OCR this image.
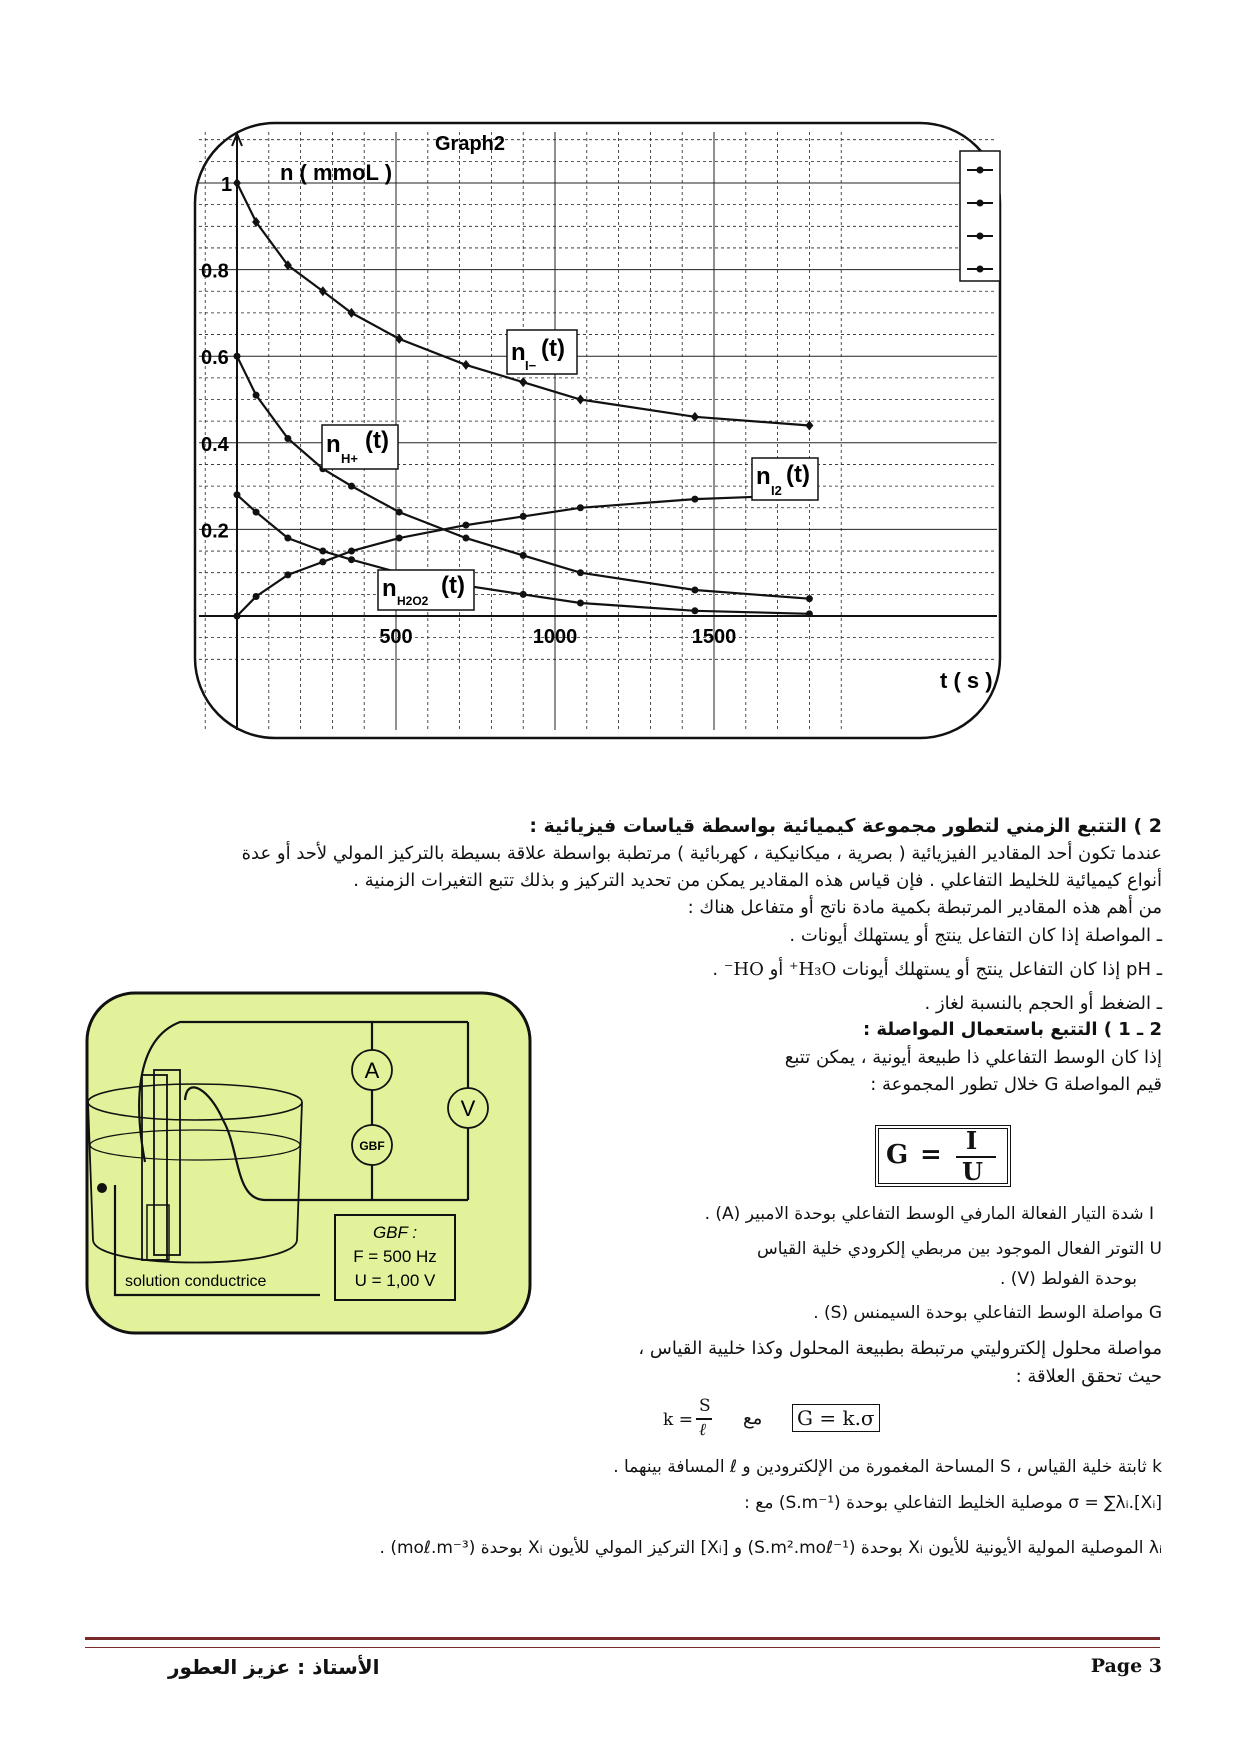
1
0.8
0.6
0.4
0.2
500	1000	1500
Graph2
n ( mmoL )
t ( s )
n I−
(t)
n
H+
(t)
n
I2
(t)
n H2O2
(t)
2 ) التتبع الزمني لتطور مجموعة كيميائية بواسطة قياسات فيزيائية :
عندما تكون أحد المقادير الفيزيائية ( بصرية ، ميكانيكية ، كهربائية ) مرتطبة بواسطة علاقة بسيطة بالتركيز المولي لأحد أو عدة
أنواع كيميائية للخليط التفاعلي . فإن قياس هذه المقادير يمكن من تحديد التركيز و بذلك تتبع التغيرات الزمنية .
من أهم هذه المقادير المرتبطة بكمية مادة ناتج أو متفاعل هناك :
ـ المواصلة إذا كان التفاعل ينتج أو يستهلك أيونات .
ـ pH إذا كان التفاعل ينتج أو يستهلك أيونات H₃O⁺ أو HO⁻ .
ـ الضغط أو الحجم بالنسبة لغاز .
2 ـ 1 ) التتبع باستعمال المواصلة :
إذا كان الوسط التفاعلي ذا طبيعة أيونية ، يمكن تتبع
قيم المواصلة G خلال تطور المجموعة :
G = I
U
I شدة التيار الفعالة المارفي الوسط التفاعلي بوحدة الامبير (A) .
U التوتر الفعال الموجود بين مربطي إلكرودي خلية القياس
بوحدة الفولط (V) .
G مواصلة الوسط التفاعلي بوحدة السيمنس (S) .
مواصلة محلول إلكتروليتي مرتبطة بطبيعة المحلول وكذا خليية القياس ،
حيث تحقق العلاقة :
k =
S
ℓ
مع G = k.σ
k ثابتة خلية القياس ، S المساحة المغمورة من الإلكترودين و ℓ المسافة بينهما .
σ = ∑λᵢ.[Xᵢ] موصلية الخليط التفاعلي بوحدة (S.m⁻¹) مع :
λᵢ الموصلية المولية الأيونية للأيون Xᵢ بوحدة (S.m².moℓ⁻¹) و [Xᵢ] التركيز المولي للأيون Xᵢ بوحدة (moℓ.m⁻³) .
A
GBF
V
solution conductrice
GBF :
F = 500 Hz
U = 1,00 V
الأستاذ : عزيز العطور	Page 3
